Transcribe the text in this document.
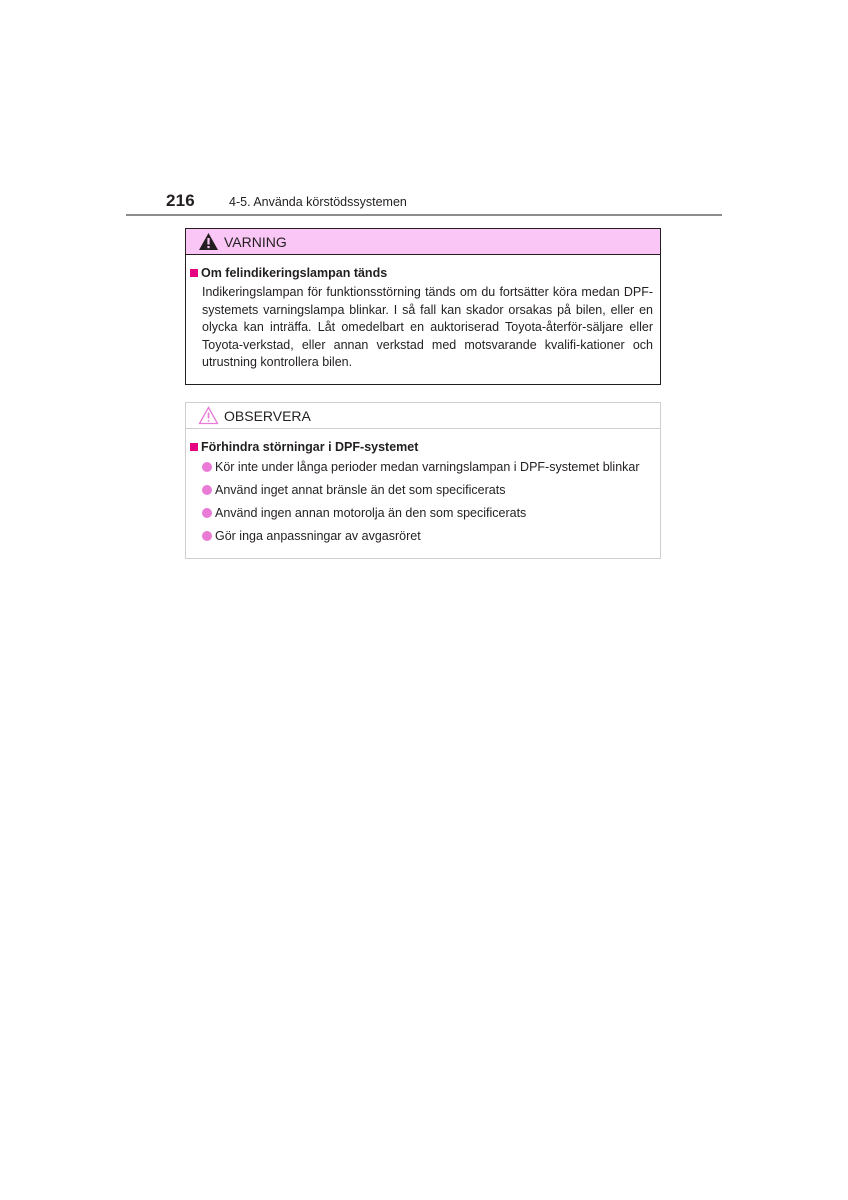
216	4-5. Använda körstödssystemen
VARNING
Om felindikeringslampan tänds
Indikeringslampan för funktionsstörning tänds om du fortsätter köra medan DPF-systemets varningslampa blinkar. I så fall kan skador orsakas på bilen, eller en olycka kan inträffa. Låt omedelbart en auktoriserad Toyota-återför-säljare eller Toyota-verkstad, eller annan verkstad med motsvarande kvalifi-kationer och utrustning kontrollera bilen.
OBSERVERA
Förhindra störningar i DPF-systemet
Kör inte under långa perioder medan varningslampan i DPF-systemet blinkar
Använd inget annat bränsle än det som specificerats
Använd ingen annan motorolja än den som specificerats
Gör inga anpassningar av avgasröret
